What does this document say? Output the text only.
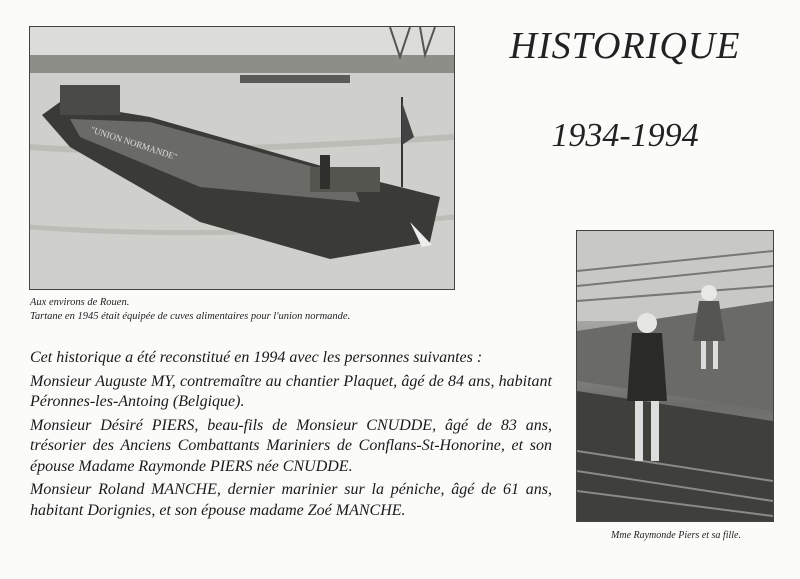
"UNION NORMANDE"
HISTORIQUE
1934-1994
Aux environs de Rouen.
Tartane en 1945 était équipée de cuves alimentaires pour l'union normande.
Mme Raymonde Piers et sa fille.

Cet historique a été reconstitué en 1994 avec les personnes suivantes :

Monsieur Auguste MY, contremaître au chantier Plaquet, âgé de 84 ans, habitant Péronnes-les-Antoing (Belgique).

Monsieur Désiré PIERS, beau-fils de Monsieur CNUDDE, âgé de 83 ans, trésorier des Anciens Combattants Mariniers de Conflans-St-Honorine, et son épouse Madame Raymonde PIERS née CNUDDE.

Monsieur Roland MANCHE, dernier marinier sur la péniche, âgé de 61 ans, habitant Dorignies, et son épouse madame Zoé MANCHE.
